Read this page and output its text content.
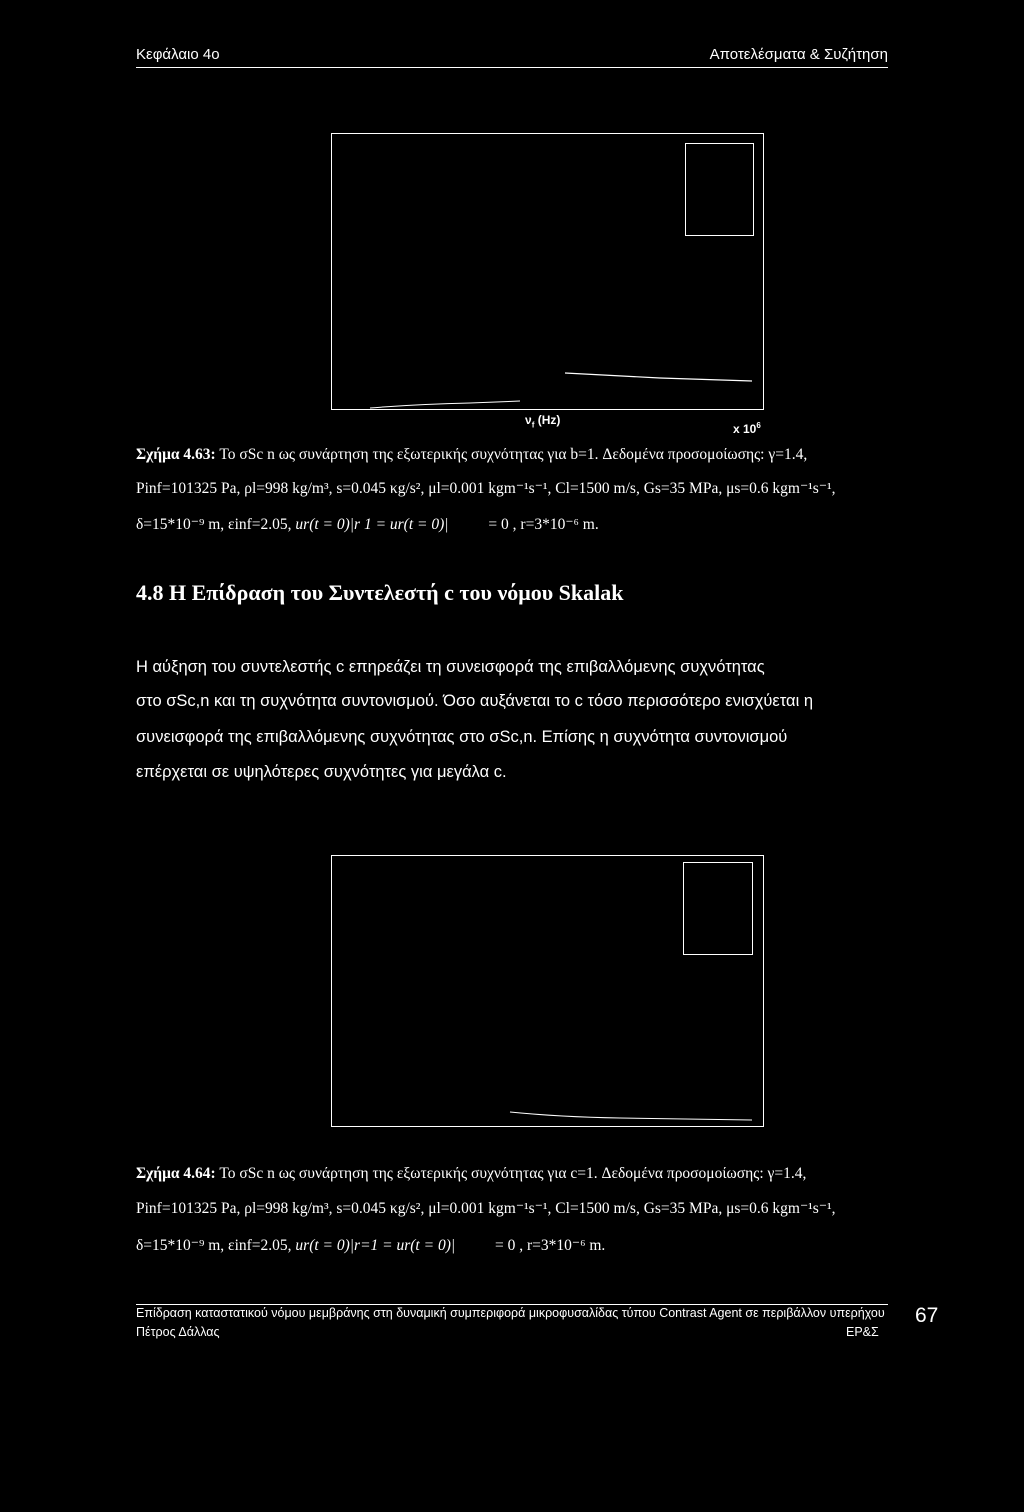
Κεφάλαιο 4ο	Αποτελέσματα & Συζήτηση
$\nu_f$ (Hz)
x $10^6$
Σχήμα 4.63: Το σSc n ως συνάρτηση της εξωτερικής συχνότητας για b=1. Δεδομένα προσομοίωσης: γ=1.4,
Pinf=101325 Pa, ρl=998 kg/m³, s=0.045 κg/s², μl=0.001 kgm⁻¹s⁻¹, Cl=1500 m/s, Gs=35 MPa, μs=0.6 kgm⁻¹s⁻¹,
δ=15*10⁻⁹ m, εinf=2.05, ur(t = 0)|r 1 = ur(t = 0)|	= 0 , r=3*10⁻⁶ m.
4.8 Η Επίδραση του Συντελεστή c του νόμου Skalak
Η αύξηση του συντελεστής c επηρεάζει τη συνεισφορά της επιβαλλόμενης συχνότητας
στο σSc,n και τη συχνότητα συντονισμού. Όσο αυξάνεται το c τόσο περισσότερο ενισχύεται η
συνεισφορά της επιβαλλόμενης συχνότητας στο σSc,n. Επίσης η συχνότητα συντονισμού
επέρχεται σε υψηλότερες συχνότητες για μεγάλα c.
Σχήμα 4.64: Το σSc n ως συνάρτηση της εξωτερικής συχνότητας για c=1. Δεδομένα προσομοίωσης: γ=1.4,
Pinf=101325 Pa, ρl=998 kg/m³, s=0.045 κg/s², μl=0.001 kgm⁻¹s⁻¹, Cl=1500 m/s, Gs=35 MPa, μs=0.6 kgm⁻¹s⁻¹,
δ=15*10⁻⁹ m, εinf=2.05, ur(t = 0)|r=1 = ur(t = 0)|	= 0 , r=3*10⁻⁶ m.
Επίδραση καταστατικού νόμου μεμβράνης στη δυναμική συμπεριφορά μικροφυσαλίδας τύπου Contrast Agent σε περιβάλλον υπερήχου
Πέτρος Δάλλας	ΕΡ&Σ
67
